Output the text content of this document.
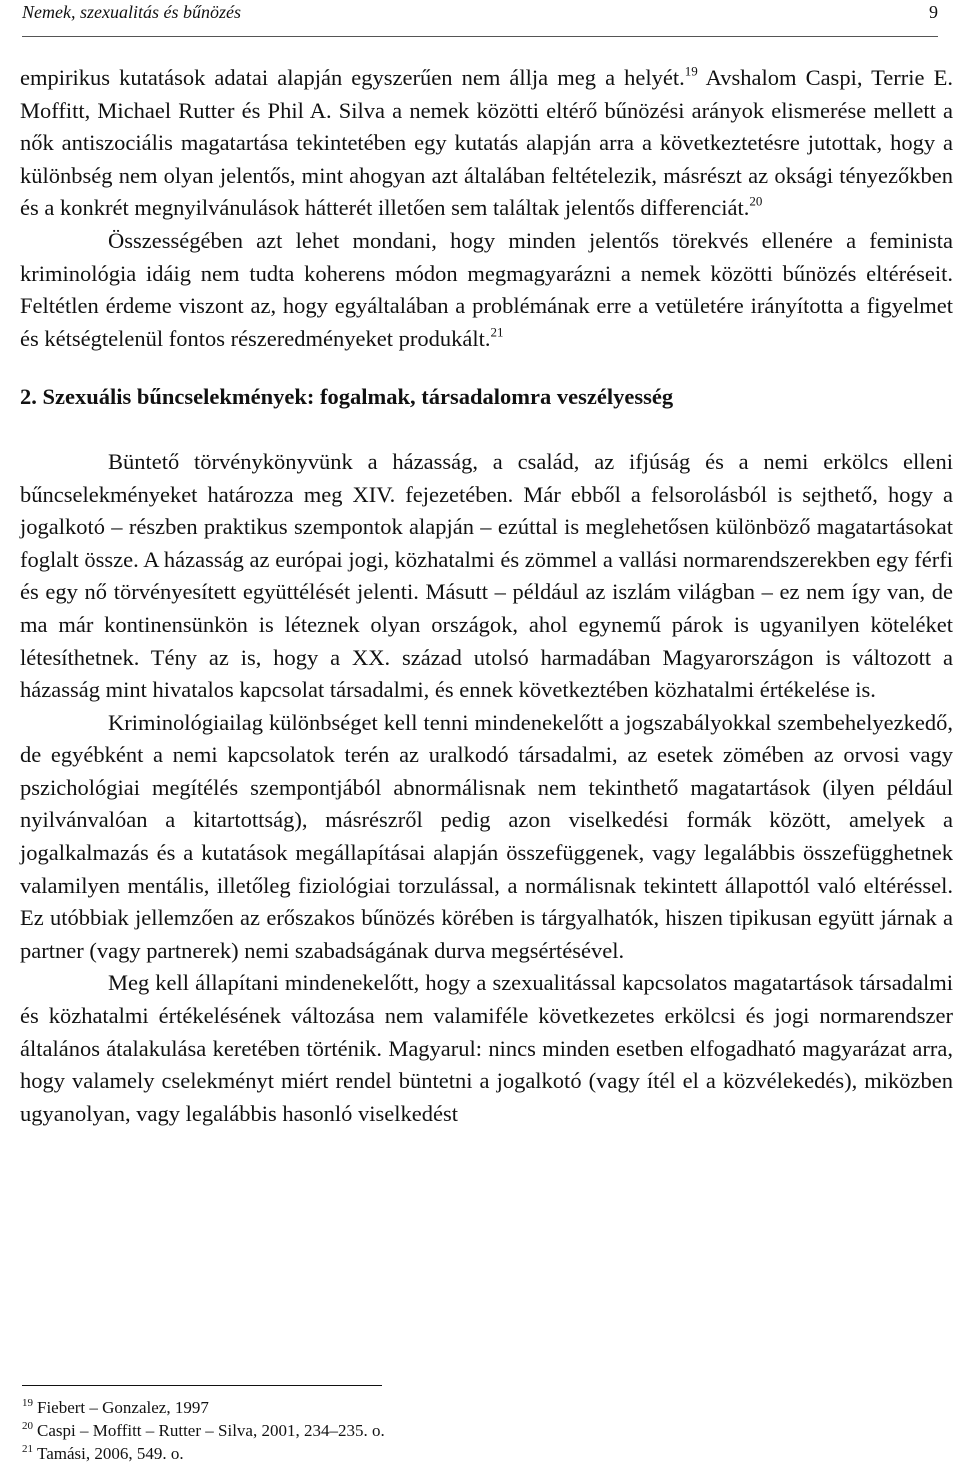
Nemek, szexualitás és bűnözés	9

empirikus kutatások adatai alapján egyszerűen nem állja meg a helyét.$^{19}$ Avshalom Caspi, Terrie E. Moffitt, Michael Rutter és Phil A. Silva a nemek közötti eltérő bűnözési arányok elismerése mellett a nők antiszociális magatartása tekintetében egy kutatás alapján arra a következtetésre jutottak, hogy a különbség nem olyan jelentős, mint ahogyan azt általában feltételezik, másrészt az oksági tényezőkben és a konkrét megnyilvánulások hátterét illetően sem találtak jelentős differenciát.$^{20}$

Összességében azt lehet mondani, hogy minden jelentős törekvés ellenére a feminista kriminológia idáig nem tudta koherens módon megmagyarázni a nemek közötti bűnözés eltéréseit. Feltétlen érdeme viszont az, hogy egyáltalában a problémának erre a vetületére irányította a figyelmet és kétségtelenül fontos részeredményeket produkált.$^{21}$

2. Szexuális bűncselekmények: fogalmak, társadalomra veszélyesség

Büntető törvénykönyvünk a házasság, a család, az ifjúság és a nemi erkölcs elleni bűncselekményeket határozza meg XIV. fejezetében. Már ebből a felsorolásból is sejthető, hogy a jogalkotó – részben praktikus szempontok alapján – ezúttal is meglehetősen különböző magatartásokat foglalt össze. A házasság az európai jogi, közhatalmi és zömmel a vallási normarendszerekben egy férfi és egy nő törvényesített együttélését jelenti. Másutt – például az iszlám világban – ez nem így van, de ma már kontinensünkön is léteznek olyan országok, ahol egynemű párok is ugyanilyen köteléket létesíthetnek. Tény az is, hogy a XX. század utolsó harmadában Magyarországon is változott a házasság mint hivatalos kapcsolat társadalmi, és ennek következtében közhatalmi értékelése is.

Kriminológiailag különbséget kell tenni mindenekelőtt a jogszabályokkal szembehelyezkedő, de egyébként a nemi kapcsolatok terén az uralkodó társadalmi, az esetek zömében az orvosi vagy pszichológiai megítélés szempontjából abnormálisnak nem tekinthető magatartások (ilyen például nyilvánvalóan a kitartottság), másrészről pedig azon viselkedési formák között, amelyek a jogalkalmazás és a kutatások megállapításai alapján összefüggenek, vagy legalábbis összefügghetnek valamilyen mentális, illetőleg fiziológiai torzulással, a normálisnak tekintett állapottól való eltéréssel. Ez utóbbiak jellemzően az erőszakos bűnözés körében is tárgyalhatók, hiszen tipikusan együtt járnak a partner (vagy partnerek) nemi szabadságának durva megsértésével.

Meg kell állapítani mindenekelőtt, hogy a szexualitással kapcsolatos magatartások társadalmi és közhatalmi értékelésének változása nem valamiféle következetes erkölcsi és jogi normarendszer általános átalakulása keretében történik. Magyarul: nincs minden esetben elfogadható magyarázat arra, hogy valamely cselekményt miért rendel büntetni a jogalkotó (vagy ítél el a közvélekedés), miközben ugyanolyan, vagy legalábbis hasonló viselkedést

$^{19}$ Fiebert – Gonzalez, 1997
$^{20}$ Caspi – Moffitt – Rutter – Silva, 2001, 234–235. o.
$^{21}$ Tamási, 2006, 549. o.
